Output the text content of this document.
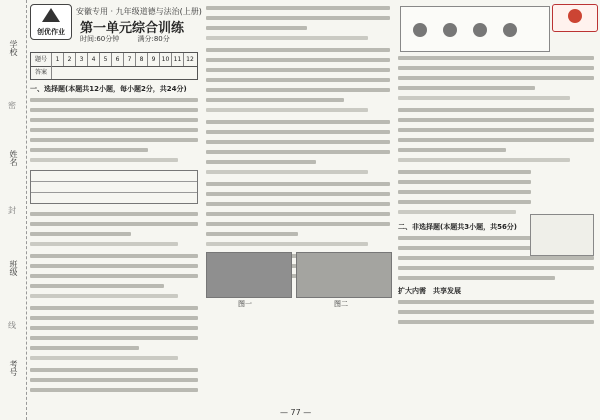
学校
密
姓名
封
班级
线
考号
创优作业
安徽专用 · 九年级道德与法治(上册)
第一单元综合训练
时间:60分钟	满分:80分
题号	1	2	3	4	5	6	7	8	9	10 11 12
答案
一、选择题(本题共12小题，每小题2分，共24分)
二、非选择题(本题共3小题，共56分)
扩大内需　共享发展
图一	图二
— 77 —
